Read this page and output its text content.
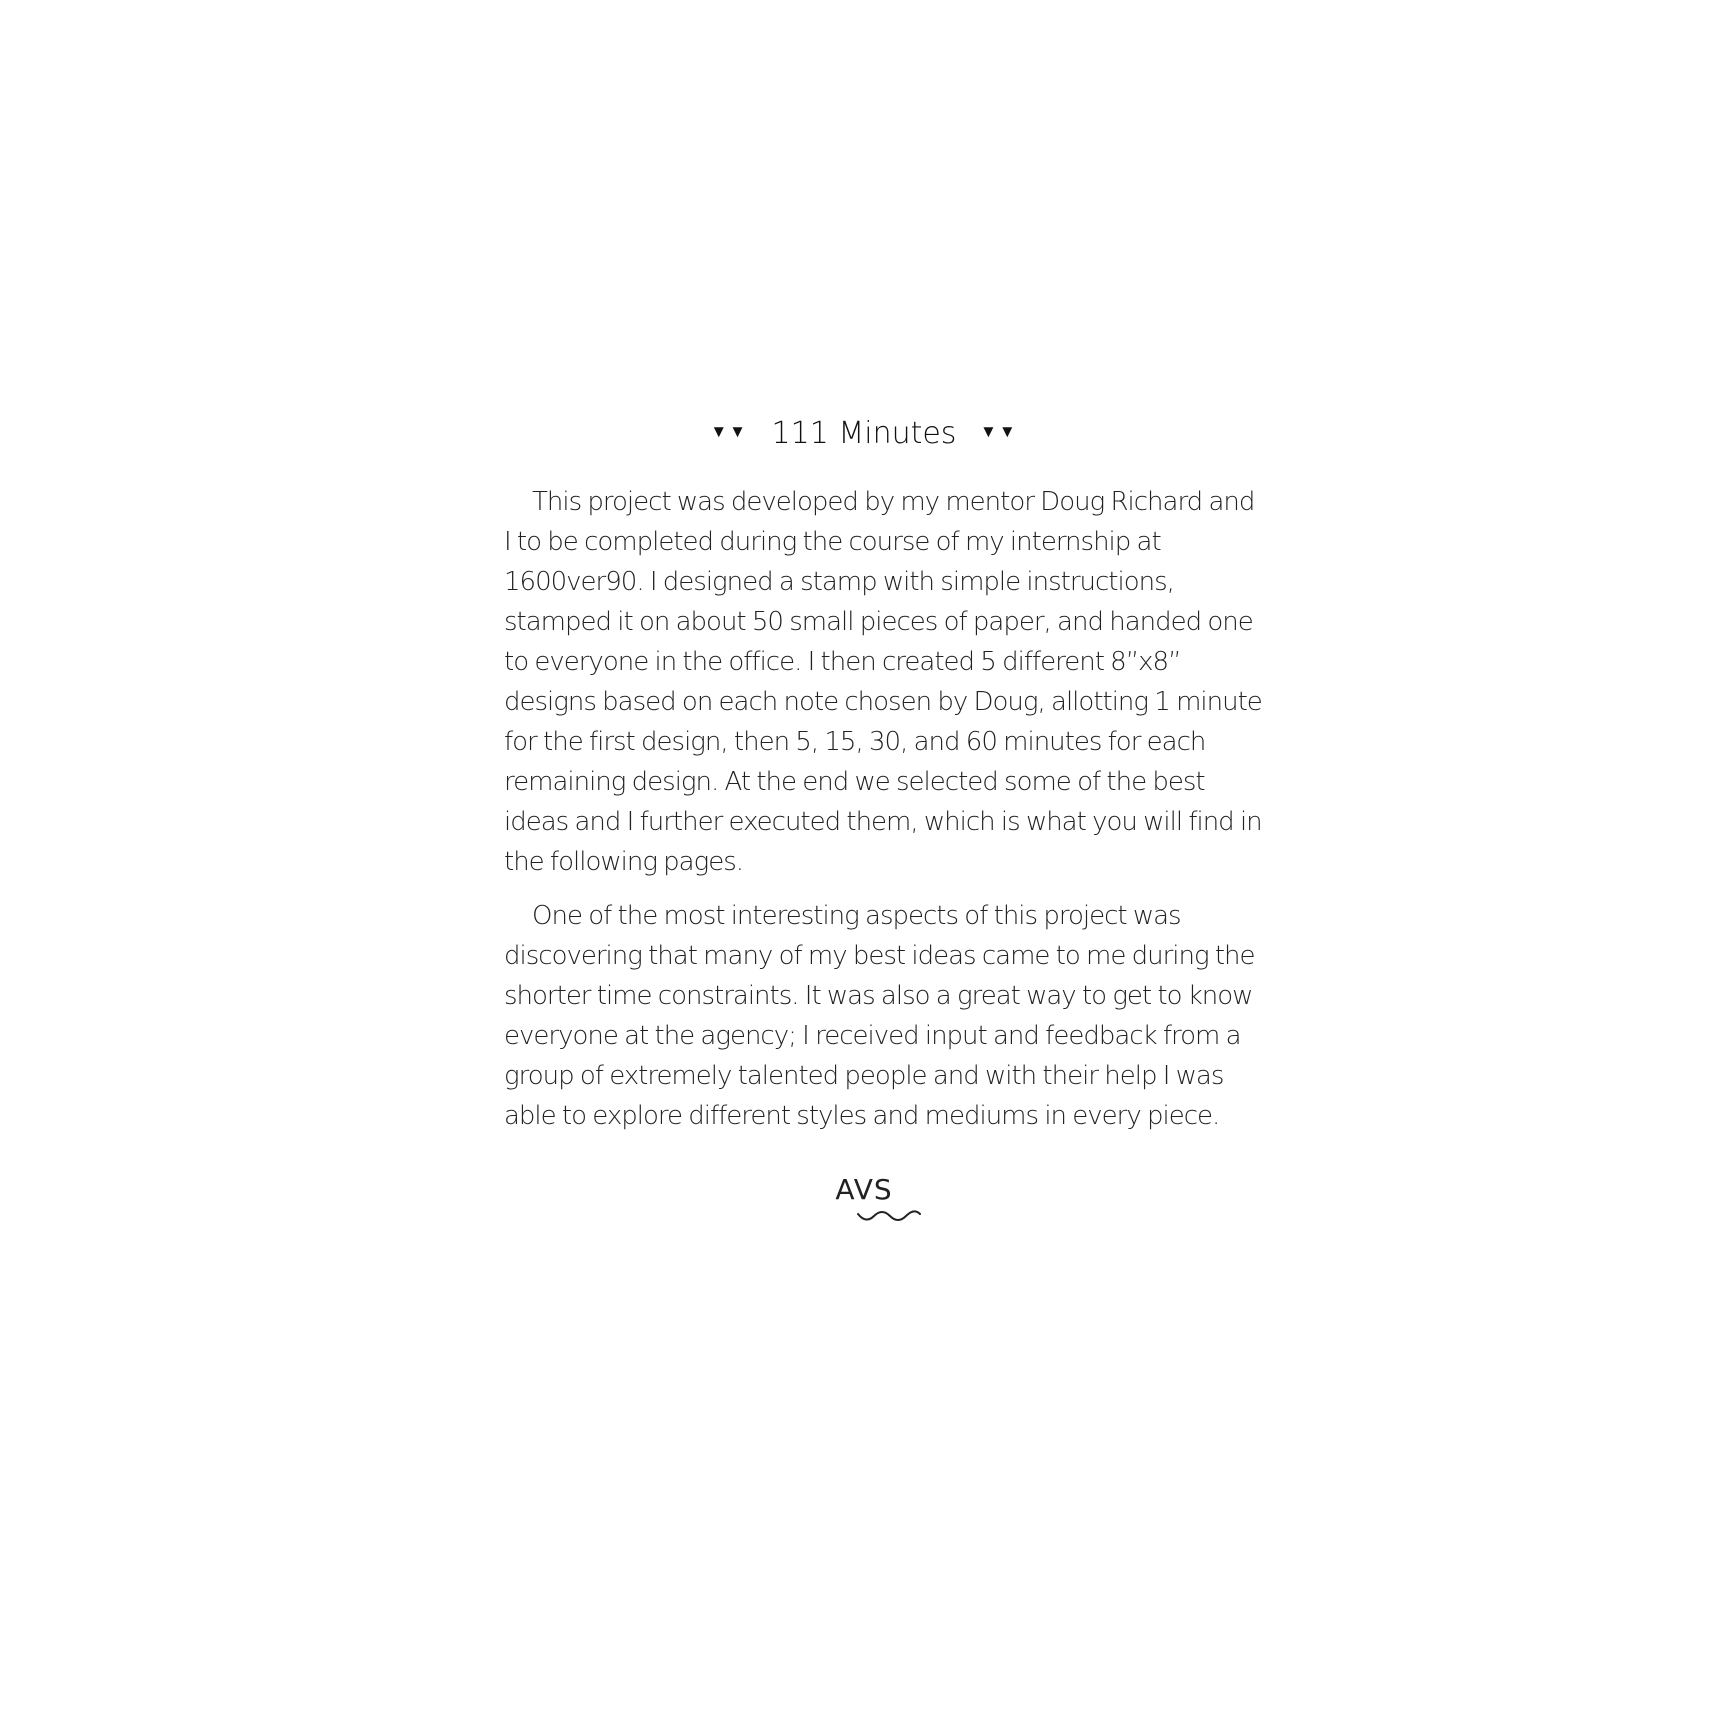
▼▼ 111 Minutes ▼▼

This project was developed by my mentor Doug Richard and I to be completed during the course of my internship at 1600ver90. I designed a stamp with simple instructions, stamped it on about 50 small pieces of paper, and handed one to everyone in the office. I then created 5 different 8”x8” designs based on each note chosen by Doug, allotting 1 minute for the first design, then 5, 15, 30, and 60 minutes for each remaining design. At the end we selected some of the best ideas and I further executed them, which is what you will find in the following pages.

One of the most interesting aspects of this project was discovering that many of my best ideas came to me during the shorter time constraints. It was also a great way to get to know everyone at the agency; I received input and feedback from a group of extremely talented people and with their help I was able to explore different styles and mediums in every piece.

AVS
